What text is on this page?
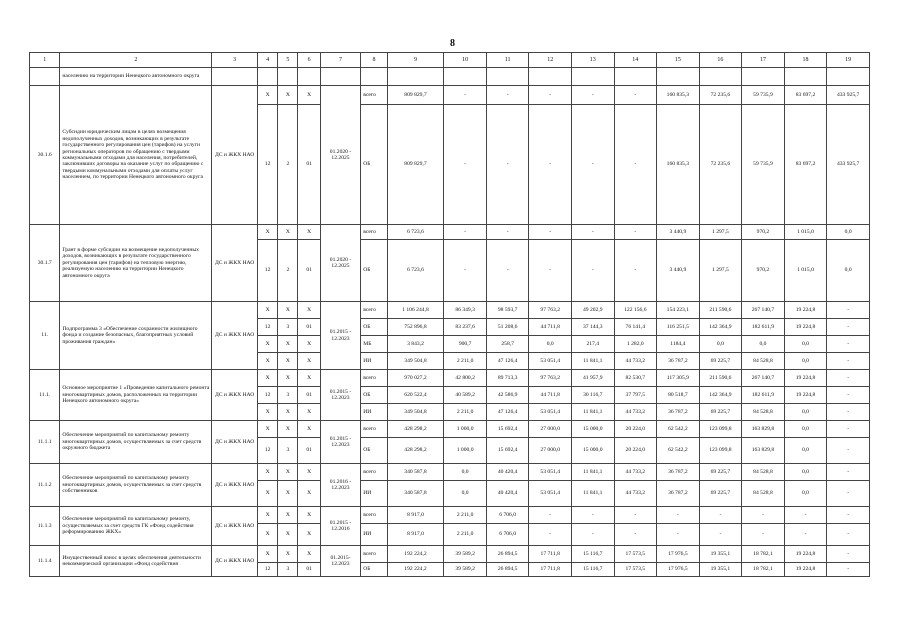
8
1	2	3	4	5	6	7	8	9	10	11	12	13	14	15	16	17	18	19
	населению на территории Ненецкого автономного округа																	
30.1.6	Субсидии юридическим лицам в целях возмещения недополученных доходов, возникающих в результате государственного регулирования цен (тарифов) на услуги региональных операторов по обращению с твердыми коммунальными отходами для населения, потребителей, заключивших договоры на оказание услуг по обращению с твердыми коммунальными отходами для оплаты услуг населением, по территории Ненецкого автономного округа	ДС и ЖКХ НАО	X	X	X	01.2020 - 12.2025	всего	809 829,7	-	-	-	-	-	160 835,3	72 235,6	59 735,9	83 697,2	433 925,7
			12	2	01		ОБ	809 829,7	-	-	-	-	-	160 835,3	72 235,6	59 735,9	83 697,2	433 925,7
30.1.7	Грант в форме субсидии на возмещение недополученных доходов, возникающих в результате государственного регулирования цен (тарифов) на тепловую энергию, реализуемую населению на территории Ненецкого автономного округа	ДС и ЖКХ НАО	X	X	X	01.2020 - 12.2025	всего	6 723,6	-	-	-	-	-	3 440,9	1 297,5	970,2	1 015,0	0,0
			12	2	01		ОБ	6 723,6	-	-	-	-	-	3 440,9	1 297,5	970,2	1 015,0	0,0
11.	Подпрограмма 3 «Обеспечение сохранности жилищного фонда и создание безопасных, благоприятных условий проживания граждан»	ДС и ЖКХ НАО	X	X	X	01.2015 - 12.2023	всего	1 106 244,8	86 349,3	98 593,7	97 763,2	49 202,9	122 156,6	154 223,1	211 590,6	267 140,7	19 224,8	-
			12	3	01		ОБ	752 896,8	83 237,6	51 208,6	44 711,8	37 144,3	76 141,4	116 251,5	142 364,9	182 611,9	19 224,8	-
			X	X	X		МБ	3 843,2	900,7	258,7	0,0	217,4	1 282,0	1184,4	0,0	0,0	0,0	-
			X	X	X		ИИ	349 504,8	2 211,0	47 126,4	53 051,4	11 841,1	44 733,2	36 787,2	69 225,7	84 528,8	0,0	-
11.1.	Основное мероприятие 1 «Проведение капитального ремонта многоквартирных домов, расположенных на территории Ненецкого автономного округа»	ДС и ЖКХ НАО	X	X	X	01.2015 - 12.2023	всего	970 027,2	42 800,2	89 713,3	97 763,2	41 957,9	82 530,7	117 305,9	211 590,6	267 140,7	19 224,8	-
			12	3	01		ОБ	620 522,4	40 589,2	42 586,9	44 711,8	30 116,7	37 797,5	80 518,7	142 364,9	182 611,9	19 224,8	-
			X	X	X		ИИ	349 504,8	2 211,0	47 126,4	53 051,4	11 841,1	44 733,2	36 787,2	69 225,7	84 528,8	0,0	-
11.1.1	Обеспечение мероприятий по капитальному ремонту многоквартирных домов, осуществляемых за счет средств окружного бюджета	ДС и ЖКХ НАО	X	X	X	01.2015 - 12.2023	всего	428 298,2	1 000,0	15 692,4	27 000,0	15 000,0	20 224,0	62 542,2	123 099,8	163 829,8	0,0	-
			12	3	01		ОБ	428 298,2	1 000,0	15 692,4	27 000,0	15 000,0	20 224,0	62 542,2	123 099,8	163 829,8	0,0	-
11.1.2	Обеспечение мероприятий по капитальному ремонту многоквартирных домов, осуществляемых за счет средств собственников	ДС и ЖКХ НАО	X	X	X	01.2016 - 12.2023	всего	340 587,8	0,0	40 420,4	53 051,4	11 841,1	44 733,2	36 787,2	69 225,7	84 528,8	0,0	-
			X	X	X		ИИ	340 587,8	0,0	40 420,4	53 051,4	11 841,1	44 733,2	36 787,2	69 225,7	84 528,8	0,0	-
11.1.3	Обеспечение мероприятий по капитальному ремонту, осуществляемых за счет средств ГК «Фонд содействия реформированию ЖКХ»	ДС и ЖКХ НАО	X	X	X	01.2015 - 12.2016	всего	8 917,0	2 211,0	6 706,0	-	-	-	-	-	-	-	-
			X	X	X		ИИ	8 917,0	2 211,0	6 706,0	-	-	-	-	-	-	-	-
11.1.4	Имущественный взнос в целях обеспечения деятельности некоммерческой организации «Фонд содействия	ДС и ЖКХ НАО	X	X	X	01.2015- 12.2023	всего	192 224,2	39 589,2	26 894,5	17 711,8	15 116,7	17 573,5	17 976,5	19 355,1	18 782,1	19 224,8	-
			12	3	01		ОБ	192 224,2	39 589,2	26 894,5	17 711,8	15 116,7	17 573,5	17 976,5	19 355,1	18 782,1	19 224,8	-
